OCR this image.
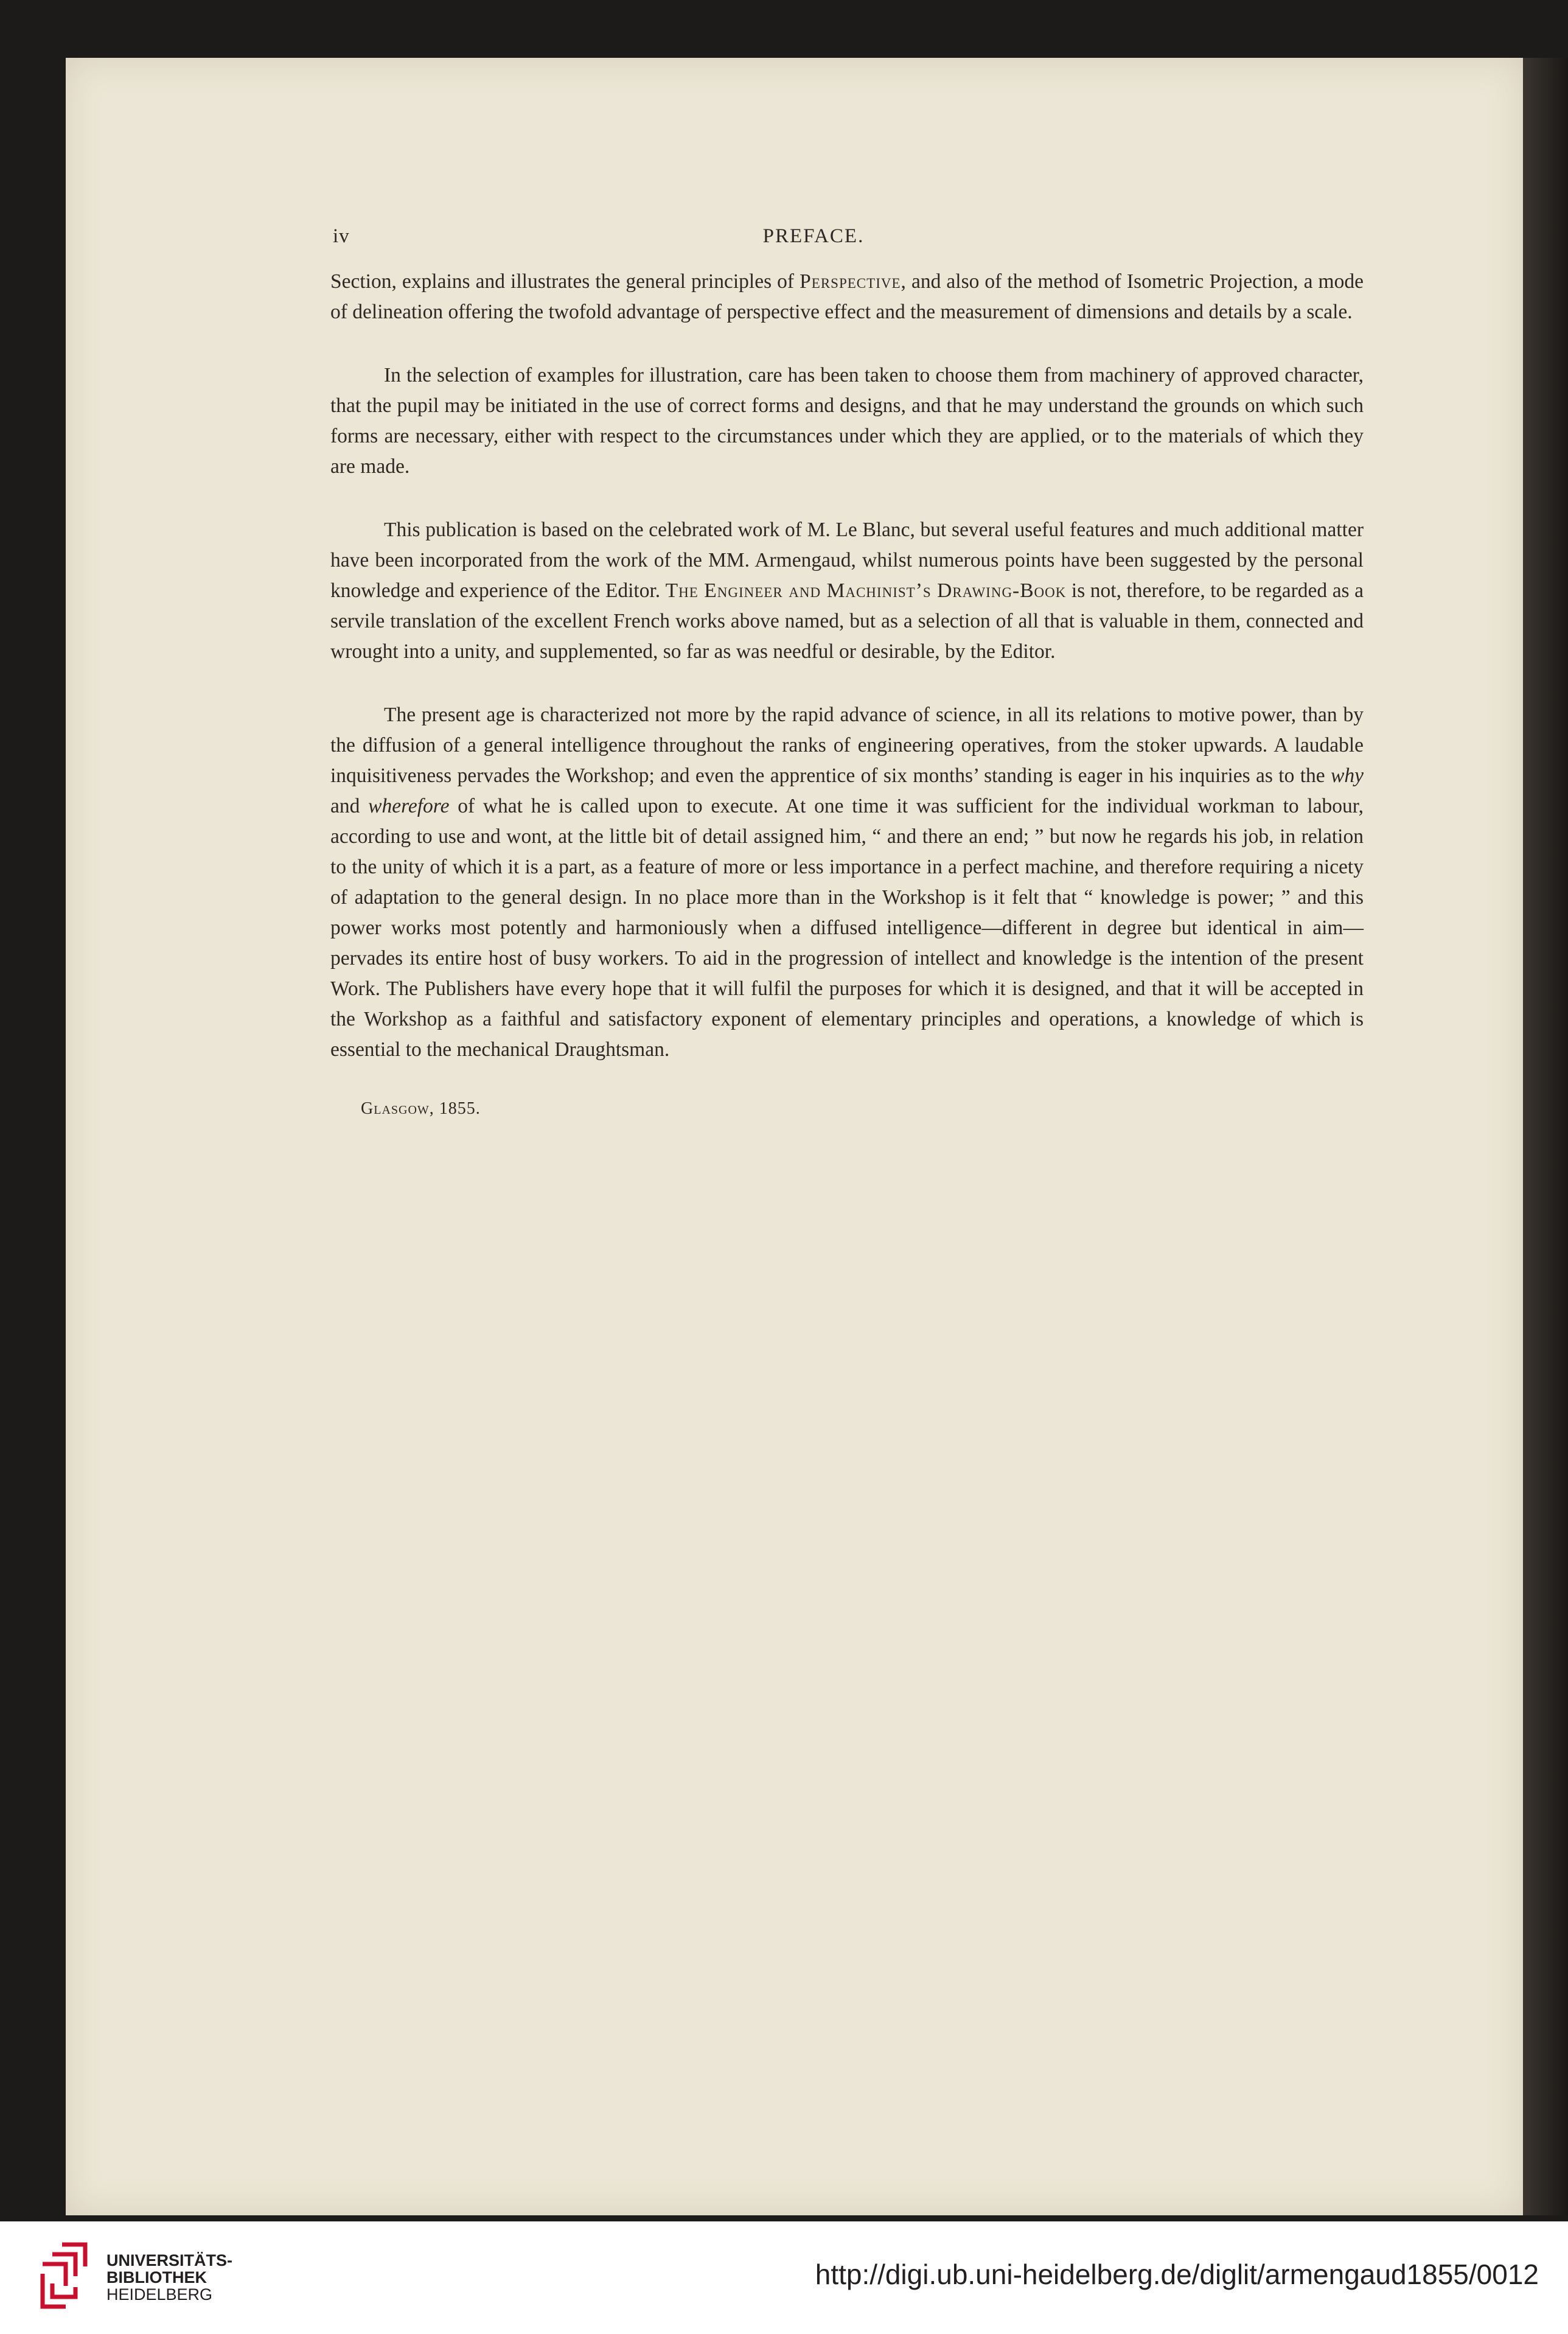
iv	PREFACE.

Section, explains and illustrates the general principles of Perspective, and also of the method of Isometric Projection, a mode of delineation offering the twofold advantage of perspective effect and the measurement of dimensions and details by a scale.

In the selection of examples for illustration, care has been taken to choose them from machinery of approved character, that the pupil may be initiated in the use of correct forms and designs, and that he may understand the grounds on which such forms are necessary, either with respect to the circumstances under which they are applied, or to the materials of which they are made.

This publication is based on the celebrated work of M. Le Blanc, but several useful features and much additional matter have been incorporated from the work of the MM. Armengaud, whilst numerous points have been suggested by the personal knowledge and experience of the Editor. The Engineer and Machinist’s Drawing-Book is not, therefore, to be regarded as a servile translation of the excellent French works above named, but as a selection of all that is valuable in them, connected and wrought into a unity, and supplemented, so far as was needful or desirable, by the Editor.

The present age is characterized not more by the rapid advance of science, in all its relations to motive power, than by the diffusion of a general intelligence throughout the ranks of engineering operatives, from the stoker upwards. A laudable inquisitiveness pervades the Workshop; and even the apprentice of six months’ standing is eager in his inquiries as to the why and wherefore of what he is called upon to execute. At one time it was sufficient for the individual workman to labour, according to use and wont, at the little bit of detail assigned him, “ and there an end; ” but now he regards his job, in relation to the unity of which it is a part, as a feature of more or less importance in a perfect machine, and therefore requiring a nicety of adaptation to the general design. In no place more than in the Workshop is it felt that “ knowledge is power; ” and this power works most potently and harmoniously when a diffused intelligence—different in degree but identical in aim—pervades its entire host of busy workers. To aid in the progression of intellect and knowledge is the intention of the present Work. The Publishers have every hope that it will fulfil the purposes for which it is designed, and that it will be accepted in the Workshop as a faithful and satisfactory exponent of elementary principles and operations, a knowledge of which is essential to the mechanical Draughtsman.

Glasgow, 1855.
UNIVERSITÄTS-
BIBLIOTHEK
HEIDELBERG
http://digi.ub.uni-heidelberg.de/diglit/armengaud1855/0012
